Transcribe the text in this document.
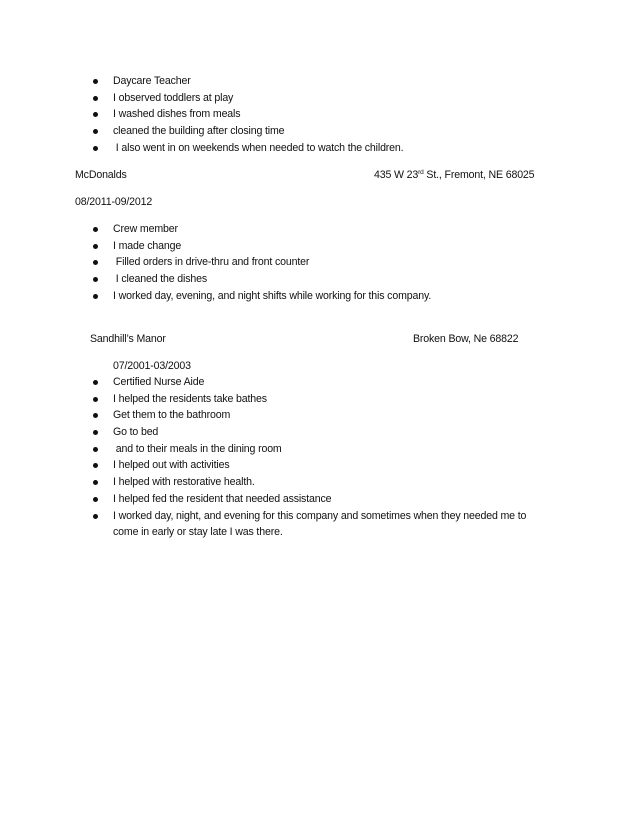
Daycare Teacher
I observed toddlers at play
I washed dishes from meals
cleaned the building after closing time
I also went in on weekends when needed to watch the children.
McDonalds	435 W 23rd St., Fremont, NE 68025
08/2011-09/2012
Crew member
I made change
Filled orders in drive-thru and front counter
I cleaned the dishes
I worked day, evening, and night shifts while working for this company.
Sandhill’s Manor	Broken Bow, Ne 68822
07/2001-03/2003
Certified Nurse Aide
I helped the residents take bathes
Get them to the bathroom
Go to bed
and to their meals in the dining room
I helped out with activities
I helped with restorative health.
I helped fed the resident that needed assistance
I worked day, night, and evening for this company and sometimes when they needed me to come in early or stay late I was there.
